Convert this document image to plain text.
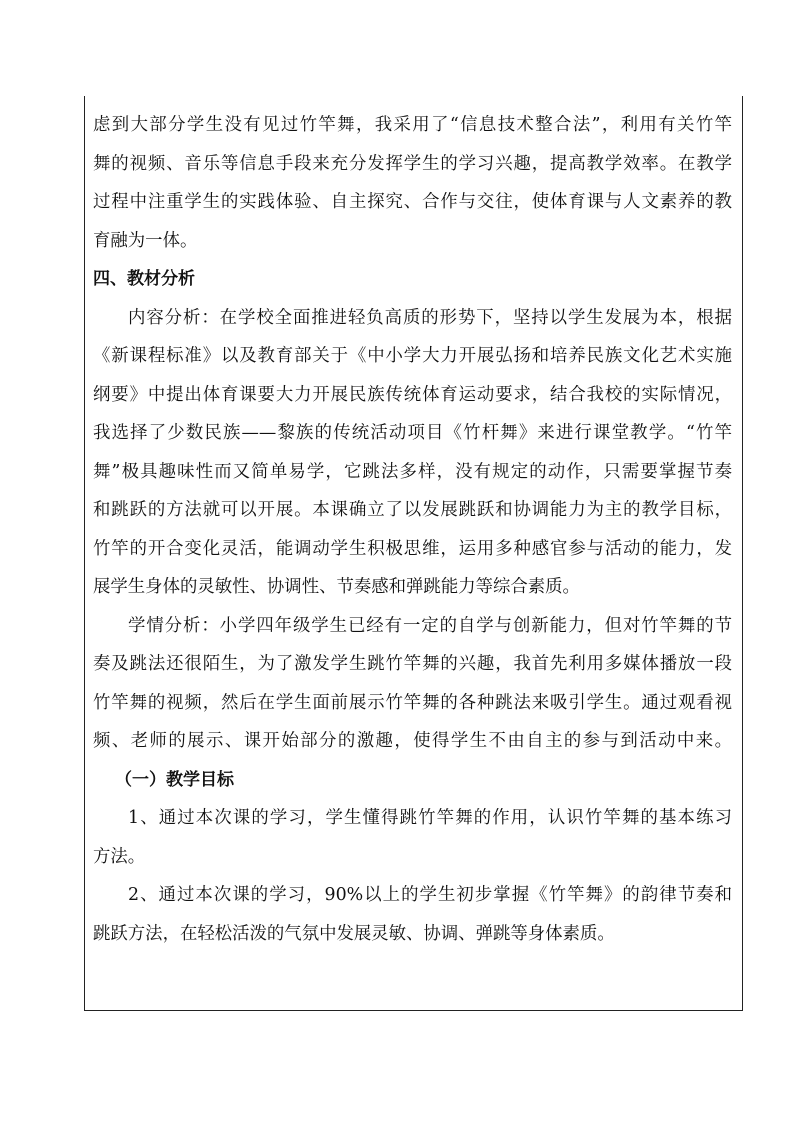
虑到大部分学生没有见过竹竿舞，我采用了“信息技术整合法”，利用有关竹竿
舞的视频、音乐等信息手段来充分发挥学生的学习兴趣，提高教学效率。在教学
过程中注重学生的实践体验、自主探究、合作与交往，使体育课与人文素养的教
育融为一体。
四、教材分析
内容分析：在学校全面推进轻负高质的形势下，坚持以学生发展为本，根据
《新课程标准》以及教育部关于《中小学大力开展弘扬和培养民族文化艺术实施
纲要》中提出体育课要大力开展民族传统体育运动要求，结合我校的实际情况，
我选择了少数民族——黎族的传统活动项目《竹杆舞》来进行课堂教学。“竹竿
舞”极具趣味性而又简单易学，它跳法多样，没有规定的动作，只需要掌握节奏
和跳跃的方法就可以开展。本课确立了以发展跳跃和协调能力为主的教学目标，
竹竿的开合变化灵活，能调动学生积极思维，运用多种感官参与活动的能力，发
展学生身体的灵敏性、协调性、节奏感和弹跳能力等综合素质。
学情分析：小学四年级学生已经有一定的自学与创新能力，但对竹竿舞的节
奏及跳法还很陌生，为了激发学生跳竹竿舞的兴趣，我首先利用多媒体播放一段
竹竿舞的视频，然后在学生面前展示竹竿舞的各种跳法来吸引学生。通过观看视
频、老师的展示、课开始部分的激趣，使得学生不由自主的参与到活动中来。
（一）教学目标
1、通过本次课的学习，学生懂得跳竹竿舞的作用，认识竹竿舞的基本练习
方法。
2、通过本次课的学习，90%以上的学生初步掌握《竹竿舞》的韵律节奏和
跳跃方法，在轻松活泼的气氛中发展灵敏、协调、弹跳等身体素质。
